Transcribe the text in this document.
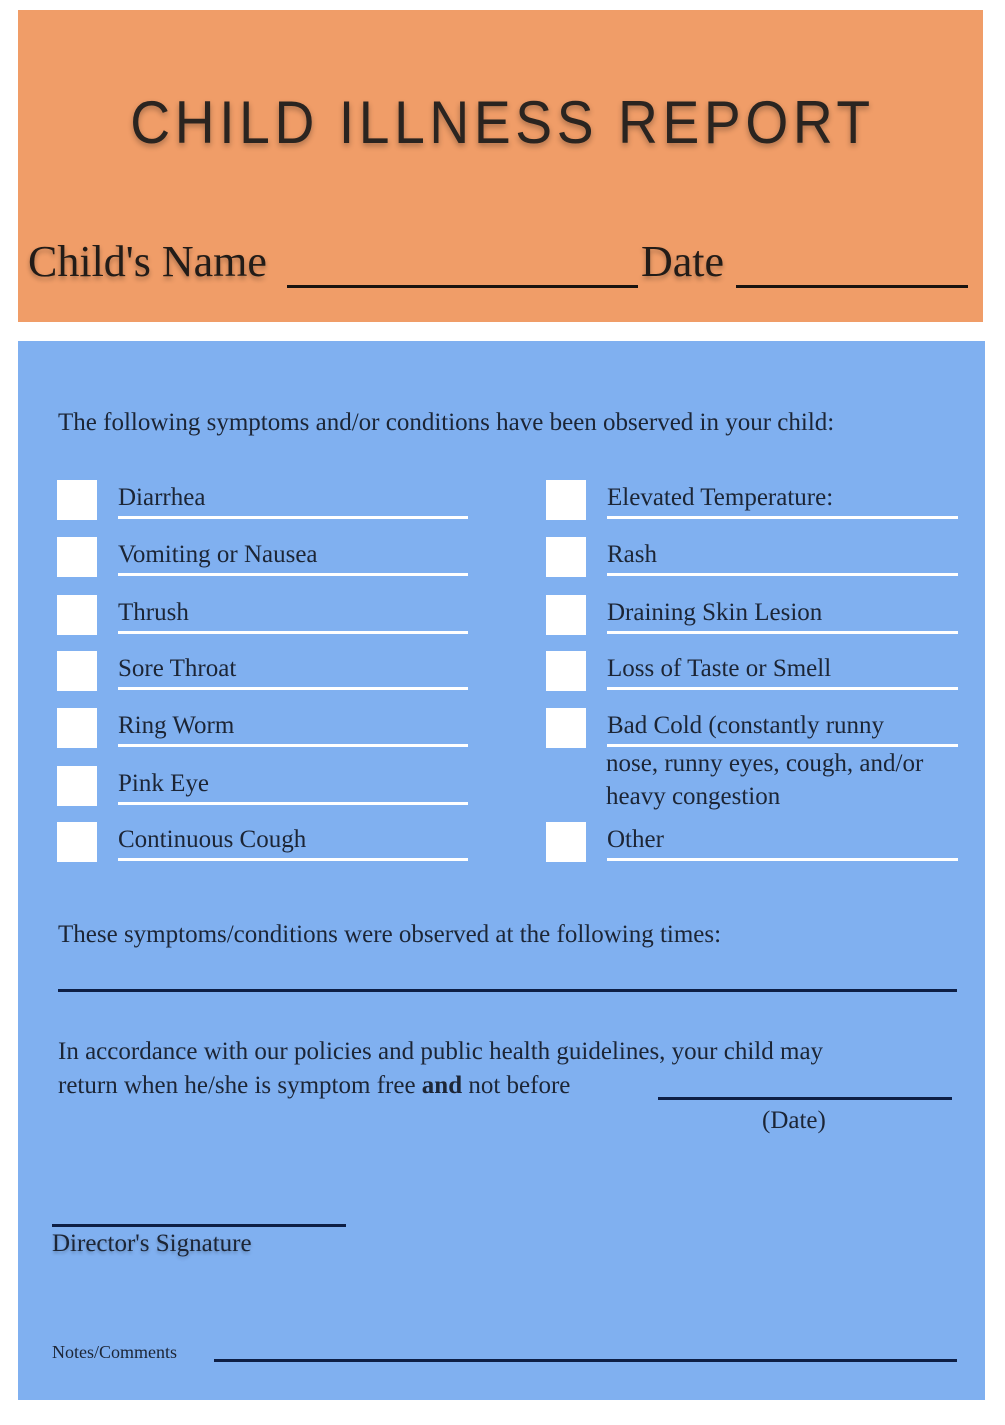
CHILD ILLNESS REPORT
Child's Name	Date
The following symptoms and/or conditions have been observed in your child:
nose, runny eyes, cough, and/or
heavy congestion
These symptoms/conditions were observed at the following times:
In accordance with our policies and public health guidelines, your child may
return when he/she is symptom free and not before
(Date)
Director's Signature
Notes/Comments
Diarrhea
Vomiting or Nausea
Thrush
Sore Throat
Ring Worm
Pink Eye
Continuous Cough
Elevated Temperature:
Rash
Draining Skin Lesion
Loss of Taste or Smell
Bad Cold (constantly runny
Other
